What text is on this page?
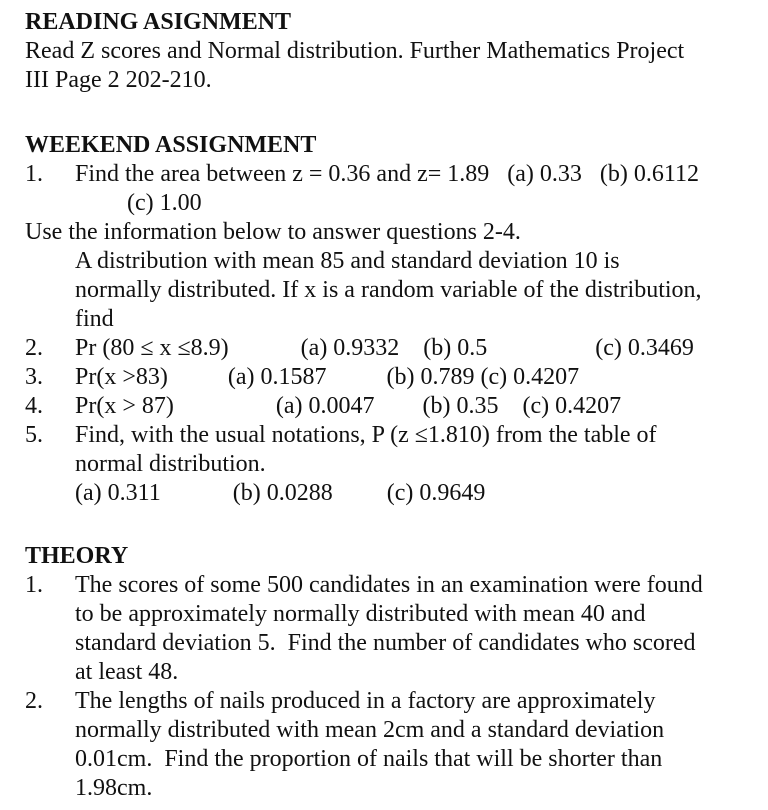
READING ASIGNMENT
Read Z scores and Normal distribution. Further Mathematics Project
III Page 2 202-210.
WEEKEND ASSIGNMENT
1. Find the area between z = 0.36 and z= 1.89   (a) 0.33   (b) 0.6112
(c) 1.00
Use the information below to answer questions 2-4.
A distribution with mean 85 and standard deviation 10 is
normally distributed. If x is a random variable of the distribution,
find
2. Pr (80 ≤ x ≤8.9)            (a) 0.9332    (b) 0.5                  (c) 0.3469
3. Pr(x >83)          (a) 0.1587          (b) 0.789 (c) 0.4207
4. Pr(x > 87)                 (a) 0.0047        (b) 0.35    (c) 0.4207
5. Find, with the usual notations, P (z ≤1.810) from the table of
normal distribution.
(a) 0.311            (b) 0.0288         (c) 0.9649
THEORY
1. The scores of some 500 candidates in an examination were found
to be approximately normally distributed with mean 40 and
standard deviation 5.  Find the number of candidates who scored
at least 48.
2. The lengths of nails produced in a factory are approximately
normally distributed with mean 2cm and a standard deviation
0.01cm.  Find the proportion of nails that will be shorter than
1.98cm.
